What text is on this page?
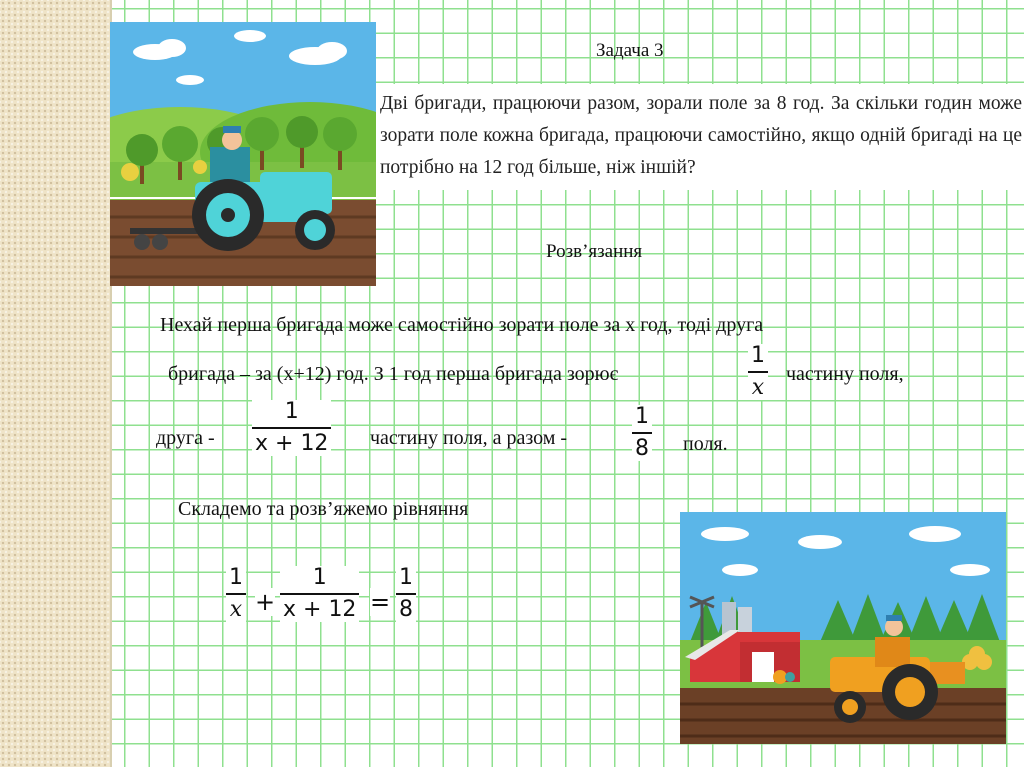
Задача 3
Дві бригади, працюючи разом, зорали поле за 8 год. За скільки годин може зорати поле кожна бригада, працюючи самостійно, якщо одній бригаді на це потрібно на 12 год більше, ніж іншій?
Розв’язання
Нехай перша бригада може самостійно зорати поле за х год, тоді друга
бригада – за (х+12) год. З 1 год перша бригада зорює
1
x
частину поля,
друга -
1
x + 12 частину поля, а разом -
1
8 поля.
Складемо та розв’яжемо рівняння
1
x +
1
x + 12 =
1
8
